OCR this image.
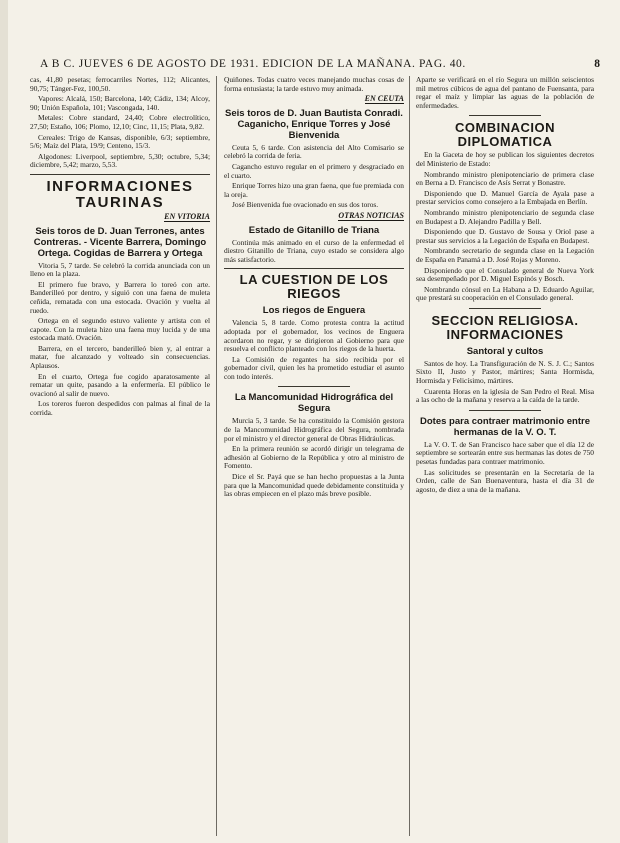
A B C. JUEVES 6 DE AGOSTO DE 1931. EDICION DE LA MAÑANA. PAG. 40.	8

cas, 41,80 pesetas; ferrocarriles Nortes, 112; Alicantes, 90,75; Tánger-Fez, 100,50.

Vapores: Alcalá, 150; Barcelona, 140; Cádiz, 134; Alcoy, 90; Unión Española, 101; Vascongada, 140.

Metales: Cobre standard, 24,40; Cobre electrolítico, 27,50; Estaño, 106; Plomo, 12,10; Cinc, 11,15; Plata, 9,82.

Cereales: Trigo de Kansas, disponible, 6/3; septiembre, 5/6; Maíz del Plata, 19/9; Centeno, 15/3.

Algodones: Liverpool, septiembre, 5,30; octubre, 5,34; diciembre, 5,42; marzo, 5,53.

INFORMACIONES TAURINAS
EN VITORIA
Seis toros de D. Juan Terrones, antes Contreras. - Vicente Barrera, Domingo Ortega. Cogidas de Barrera y Ortega

Vitoria 5, 7 tarde. Se celebró la corrida anunciada con un lleno en la plaza.

El primero fue bravo, y Barrera lo toreó con arte. Banderilleó por dentro, y siguió con una faena de muleta ceñida, rematada con una estocada. Ovación y vuelta al ruedo.

Ortega en el segundo estuvo valiente y artista con el capote. Con la muleta hizo una faena muy lucida y de una estocada mató. Ovación.

Barrera, en el tercero, banderilleó bien y, al entrar a matar, fue alcanzado y volteado sin consecuencias. Aplausos.

En el cuarto, Ortega fue cogido aparatosamente al rematar un quite, pasando a la enfermería. El público le ovacionó al salir de nuevo.

Los toreros fueron despedidos con palmas al final de la corrida.

Quiñones. Todas cuatro veces manejando muchas cosas de forma entusiasta; la tarde estuvo muy animada.

EN CEUTA
Seis toros de D. Juan Bautista Conradi. Caganicho, Enrique Torres y José Bienvenida

Ceuta 5, 6 tarde. Con asistencia del Alto Comisario se celebró la corrida de feria.

Cagancho estuvo regular en el primero y desgraciado en el cuarto.

Enrique Torres hizo una gran faena, que fue premiada con la oreja.

José Bienvenida fue ovacionado en sus dos toros.

OTRAS NOTICIAS
Estado de Gitanillo de Triana

Continúa más animado en el curso de la enfermedad el diestro Gitanillo de Triana, cuyo estado se considera algo más satisfactorio.

LA CUESTION DE LOS RIEGOS
Los riegos de Enguera

Valencia 5, 8 tarde. Como protesta contra la actitud adoptada por el gobernador, los vecinos de Enguera acordaron no regar, y se dirigieron al Gobierno para que resuelva el conflicto planteado con los riegos de la huerta.

La Comisión de regantes ha sido recibida por el gobernador civil, quien les ha prometido estudiar el asunto con todo interés.

La Mancomunidad Hidrográfica del Segura

Murcia 5, 3 tarde. Se ha constituido la Comisión gestora de la Mancomunidad Hidrográfica del Segura, nombrada por el ministro y el director general de Obras Hidráulicas.

En la primera reunión se acordó dirigir un telegrama de adhesión al Gobierno de la República y otro al ministro de Fomento.

Dice el Sr. Payá que se han hecho propuestas a la Junta para que la Mancomunidad quede debidamente constituida y las obras empiecen en el plazo más breve posible.

Aparte se verificará en el río Segura un millón seiscientos mil metros cúbicos de agua del pantano de Fuensanta, para regar el maíz y limpiar las aguas de la población de enfermedades.

COMBINACION DIPLOMATICA

En la Gaceta de hoy se publican los siguientes decretos del Ministerio de Estado:

Nombrando ministro plenipotenciario de primera clase en Berna a D. Francisco de Asís Serrat y Bonastre.

Disponiendo que D. Manuel García de Ayala pase a prestar servicios como consejero a la Embajada en Berlín.

Nombrando ministro plenipotenciario de segunda clase en Budapest a D. Alejandro Padilla y Bell.

Disponiendo que D. Gustavo de Sousa y Oriol pase a prestar sus servicios a la Legación de España en Budapest.

Nombrando secretario de segunda clase en la Legación de España en Panamá a D. José Rojas y Moreno.

Disponiendo que el Consulado general de Nueva York sea desempeñado por D. Miguel Espinós y Bosch.

Nombrando cónsul en La Habana a D. Eduardo Aguilar, que prestará su cooperación en el Consulado general.

SECCION RELIGIOSA. INFORMACIONES
Santoral y cultos

Santos de hoy. La Transfiguración de N. S. J. C.; Santos Sixto II, Justo y Pastor, mártires; Santa Hormisda, Hormisda y Felicísimo, mártires.

Cuarenta Horas en la iglesia de San Pedro el Real. Misa a las ocho de la mañana y reserva a la caída de la tarde.

Dotes para contraer matrimonio entre hermanas de la V. O. T.

La V. O. T. de San Francisco hace saber que el día 12 de septiembre se sortearán entre sus hermanas las dotes de 750 pesetas fundadas para contraer matrimonio.

Las solicitudes se presentarán en la Secretaría de la Orden, calle de San Buenaventura, hasta el día 31 de agosto, de diez a una de la mañana.
